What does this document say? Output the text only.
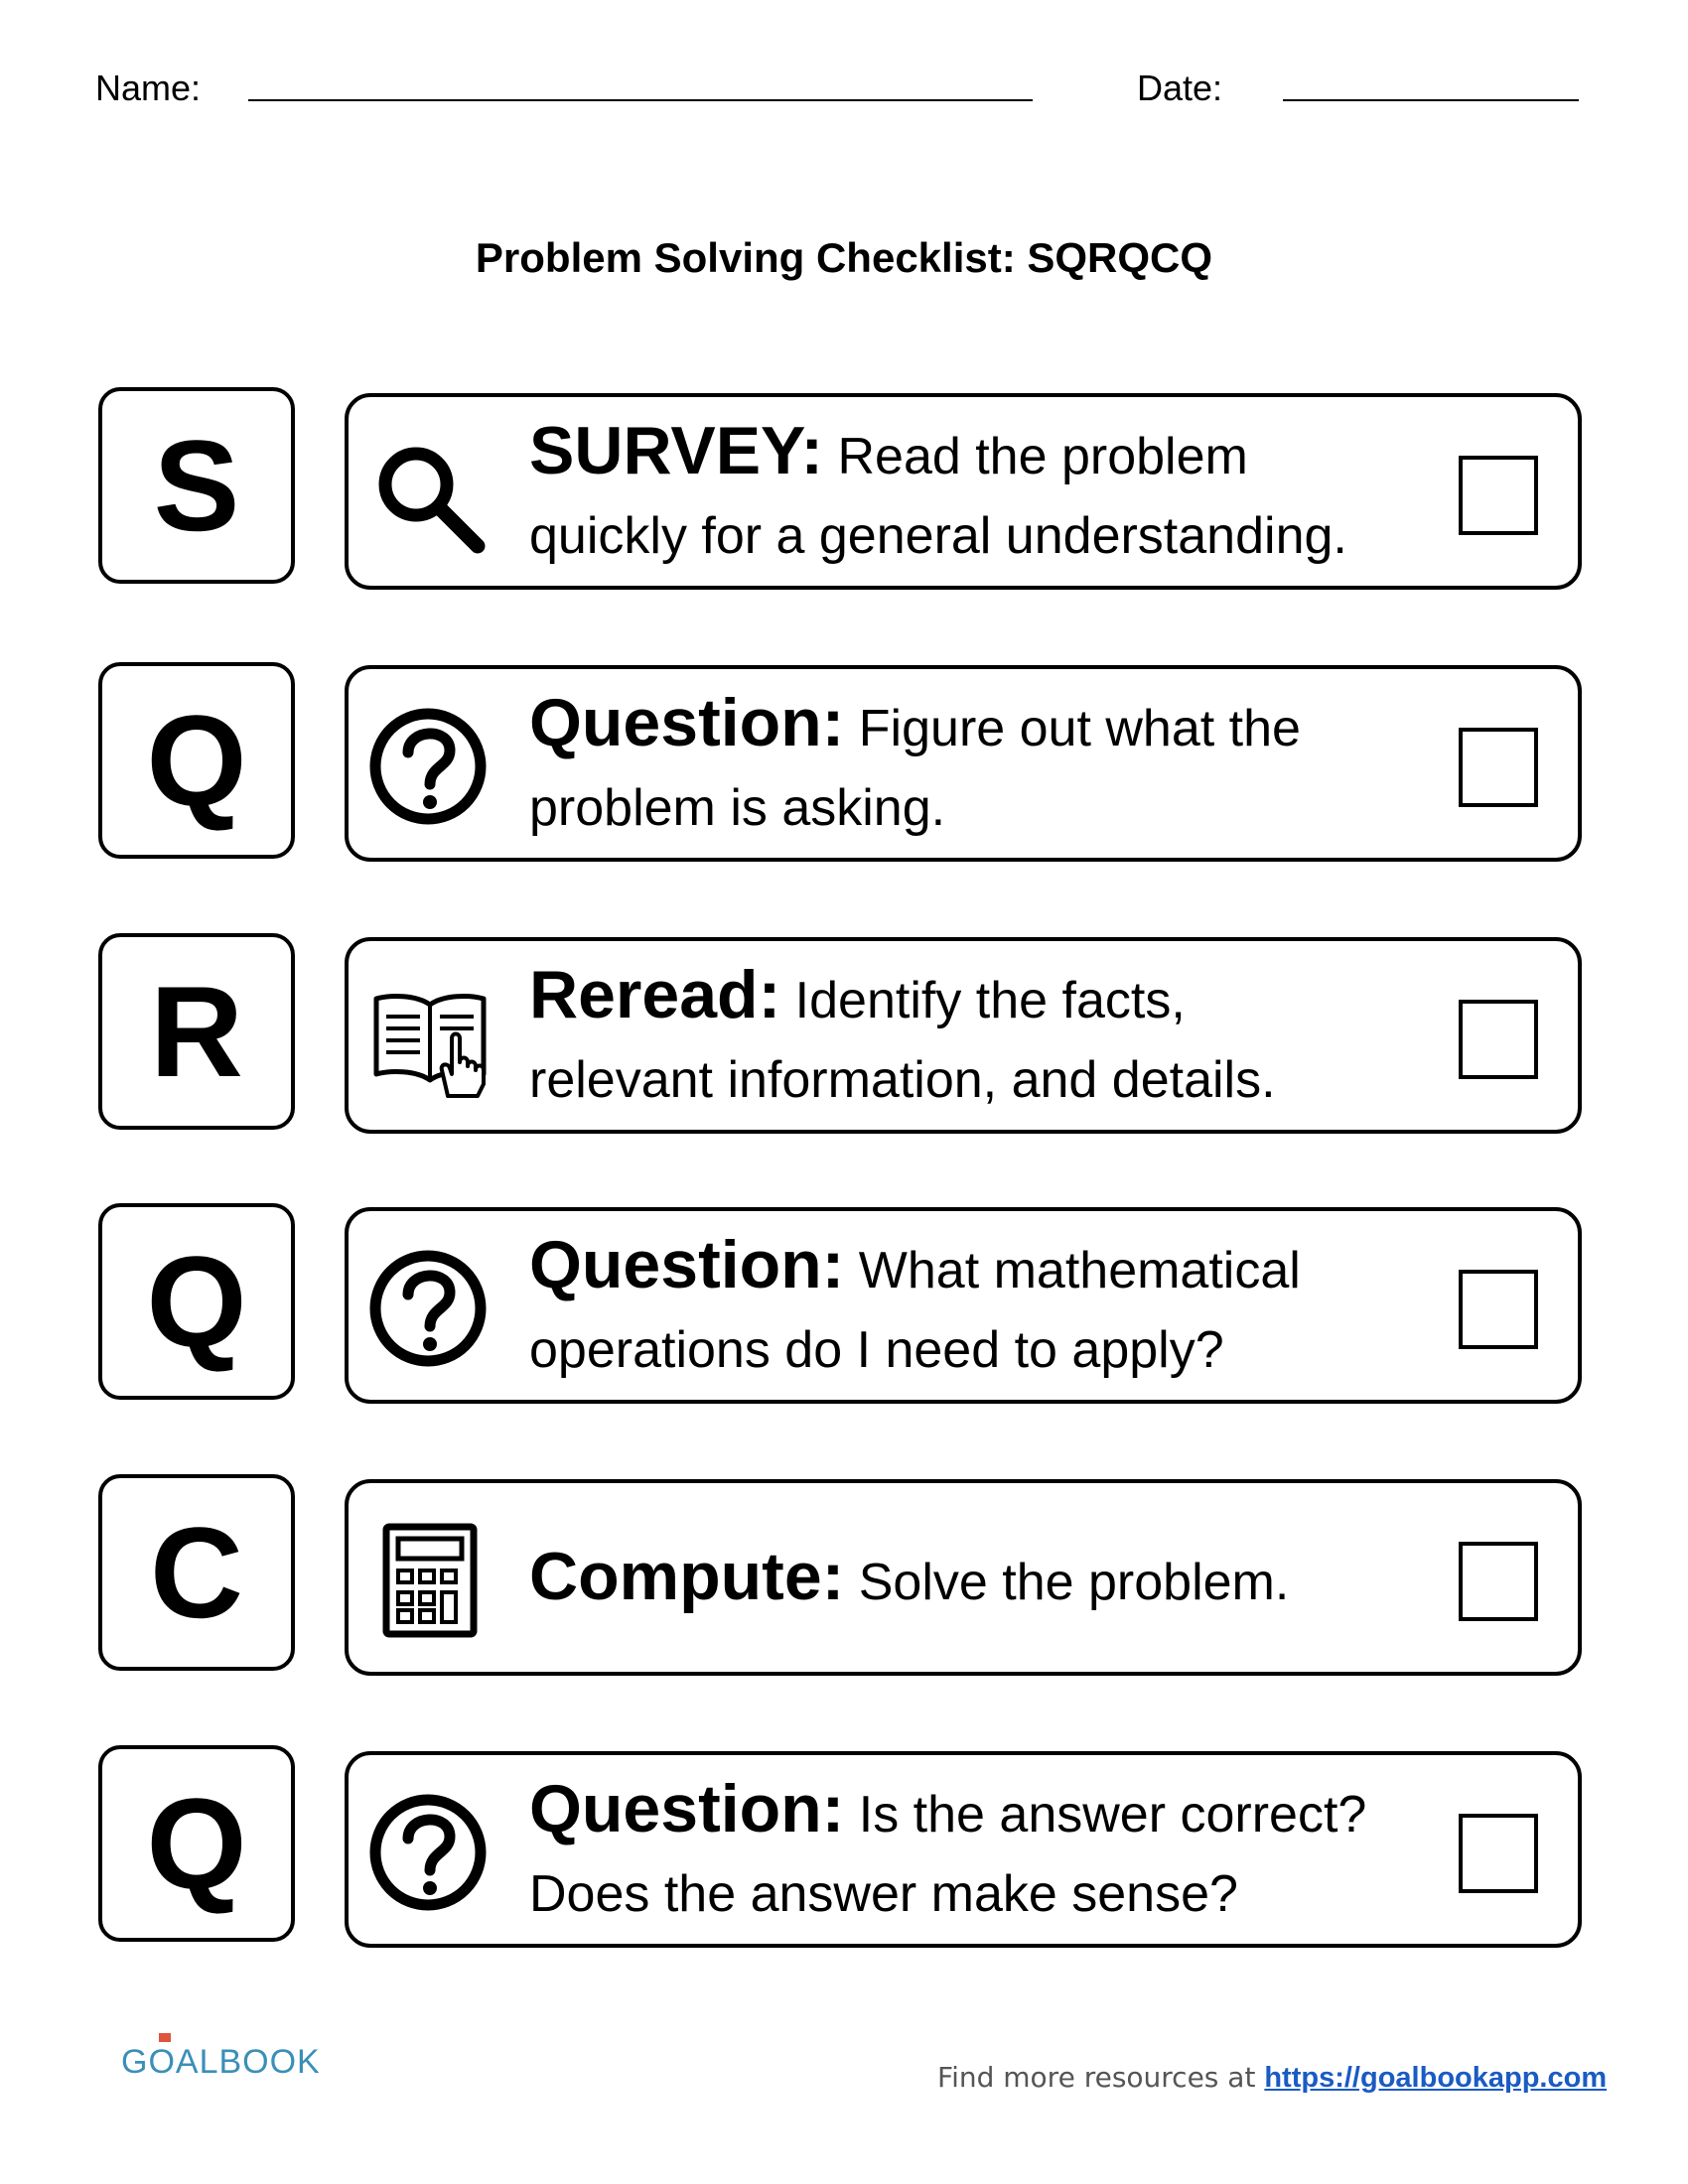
Name:	Date:
Problem Solving Checklist: SQRQCQ
S	SURVEY: Read the problem quickly for a general understanding.

Q	Question: Figure out what the problem is asking.

R	Reread: Identify the facts, relevant information, and details.

Q	Question: What mathematical operations do I need to apply?

C	Compute: Solve the problem.

Q	Question: Is the answer correct? Does the answer make sense?

GOALBOOK	Find more resources at https://goalbookapp.com
